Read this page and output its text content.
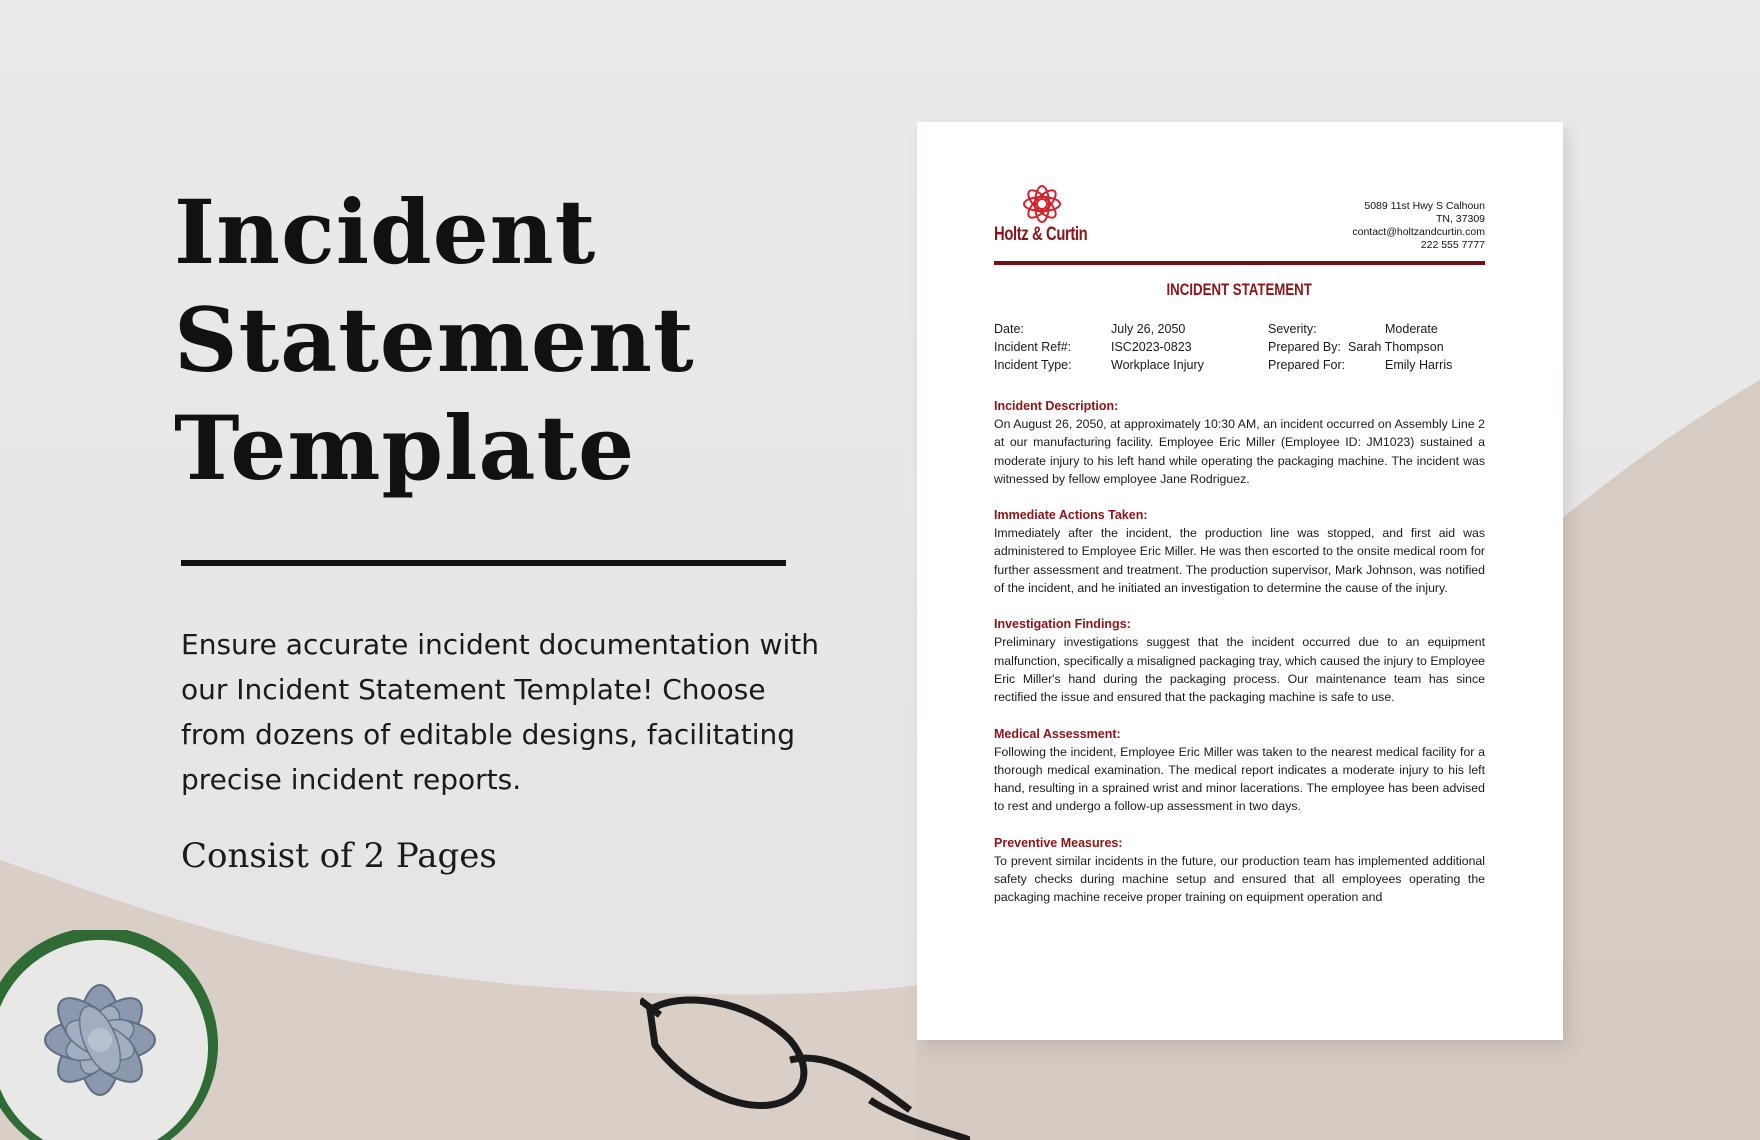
Incident
Statement
Template

Ensure accurate incident documentation with our Incident Statement Template! Choose from dozens of editable designs, facilitating precise incident reports.

Consist of 2 Pages

Holtz & Curtin
5089 11st Hwy S Calhoun
TN, 37309
contact@holtzandcurtin.com
222 555 7777
INCIDENT STATEMENT
Date:	July 26, 2050	Severity:	Moderate
Incident Ref#:	ISC2023-0823	Prepared By: Sarah Thompson
Incident Type:	Workplace Injury	Prepared For:	Emily Harris

Incident Description:

On August 26, 2050, at approximately 10:30 AM, an incident occurred on Assembly Line 2 at our manufacturing facility. Employee Eric Miller (Employee ID: JM1023) sustained a moderate injury to his left hand while operating the packaging machine. The incident was witnessed by fellow employee Jane Rodriguez.

Immediate Actions Taken:

Immediately after the incident, the production line was stopped, and first aid was administered to Employee Eric Miller. He was then escorted to the onsite medical room for further assessment and treatment. The production supervisor, Mark Johnson, was notified of the incident, and he initiated an investigation to determine the cause of the injury.

Investigation Findings:

Preliminary investigations suggest that the incident occurred due to an equipment malfunction, specifically a misaligned packaging tray, which caused the injury to Employee Eric Miller's hand during the packaging process. Our maintenance team has since rectified the issue and ensured that the packaging machine is safe to use.

Medical Assessment:

Following the incident, Employee Eric Miller was taken to the nearest medical facility for a thorough medical examination. The medical report indicates a moderate injury to his left hand, resulting in a sprained wrist and minor lacerations. The employee has been advised to rest and undergo a follow-up assessment in two days.

Preventive Measures:

To prevent similar incidents in the future, our production team has implemented additional safety checks during machine setup and ensured that all employees operating the packaging machine receive proper training on equipment operation and
